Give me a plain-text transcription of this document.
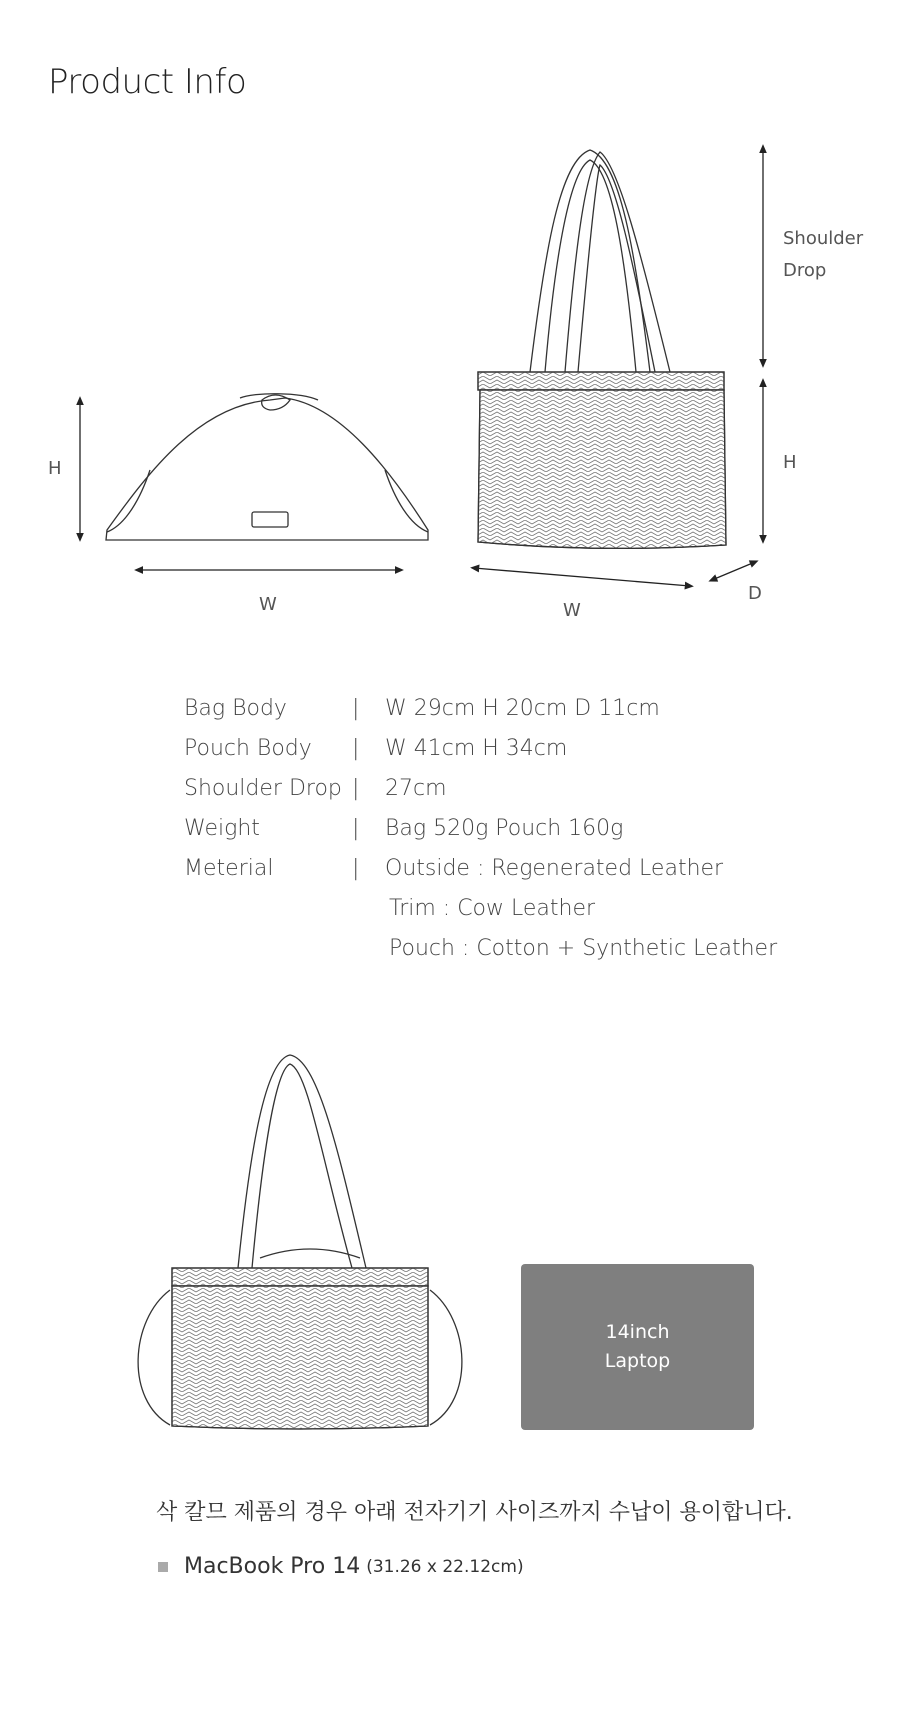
Product Info
H
W
Shoulder
Drop
H
W
D
Bag Body	| W 29cm H 20cm D 11cm
Pouch Body | W 41cm H 34cm
Shoulder Drop | 27cm
Weight	| Bag 520g Pouch 160g
Meterial	| Outside : Regenerated Leather
Trim : Cow Leather
Pouch : Cotton + Synthetic Leather
14inch
Laptop
삭 칼므 제품의 경우 아래 전자기기 사이즈까지 수납이 용이합니다.
MacBook Pro 14 (31.26 x 22.12cm)
